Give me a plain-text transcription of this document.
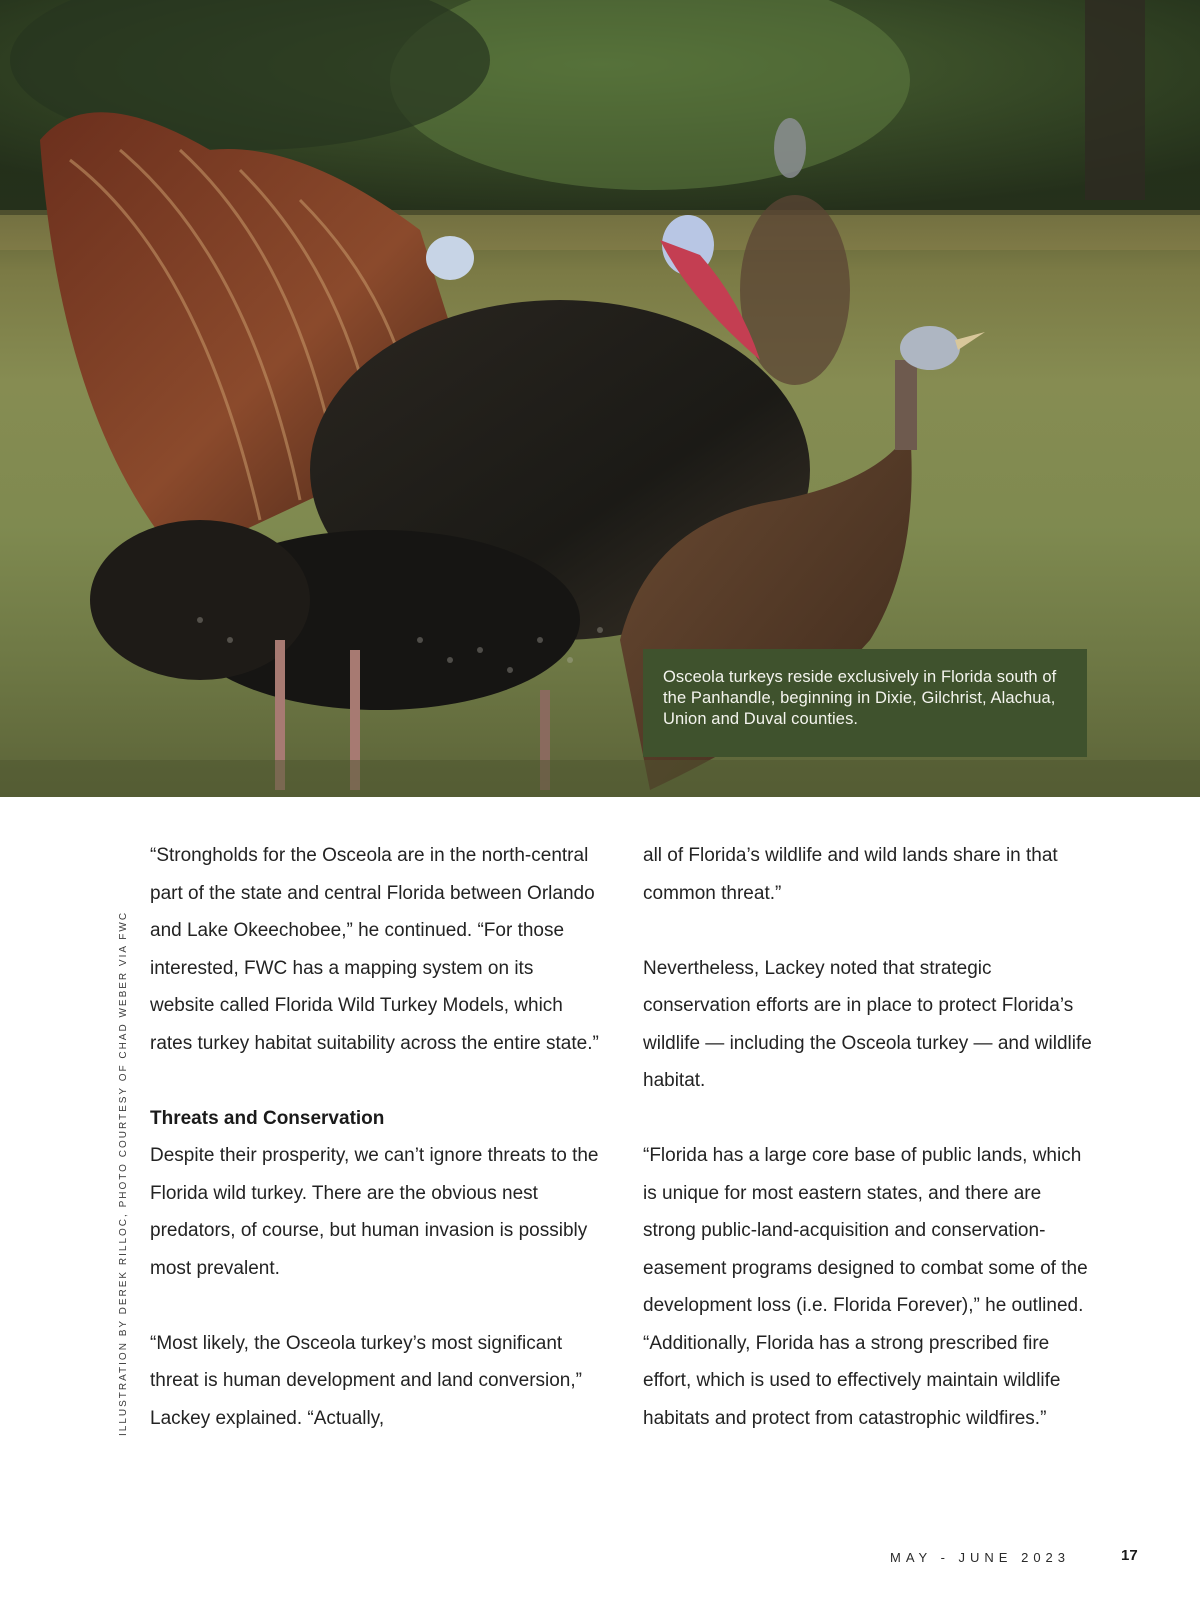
Osceola turkeys reside exclusively in Florida south of the Panhandle, beginning in Dixie, Gilchrist, Alachua, Union and Duval counties.
ILLUSTRATION BY DEREK RILLOC, PHOTO COURTESY OF CHAD WEBER VIA FWC

“Strongholds for the Osceola are in the north-central part of the state and central Florida between Orlando and Lake Okeechobee,” he continued. “For those interested, FWC has a mapping system on its website called Florida Wild Turkey Models, which rates turkey habitat suitability across the entire state.”

Threats and Conservation

Despite their prosperity, we can’t ignore threats to the Florida wild turkey. There are the obvious nest predators, of course, but human invasion is possibly most prevalent.

“Most likely, the Osceola turkey’s most significant threat is human development and land conversion,” Lackey explained. “Actually,

all of Florida’s wildlife and wild lands share in that common threat.”

Nevertheless, Lackey noted that strategic conservation efforts are in place to protect Florida’s wildlife — including the Osceola turkey — and wildlife habitat.

“Florida has a large core base of public lands, which is unique for most eastern states, and there are strong public-land-acquisition and conservation-easement programs designed to combat some of the development loss (i.e. Florida Forever),” he outlined. “Additionally, Florida has a strong prescribed fire effort, which is used to effectively maintain wildlife habitats and protect from catastrophic wildfires.”

MAY - JUNE 2023	17
